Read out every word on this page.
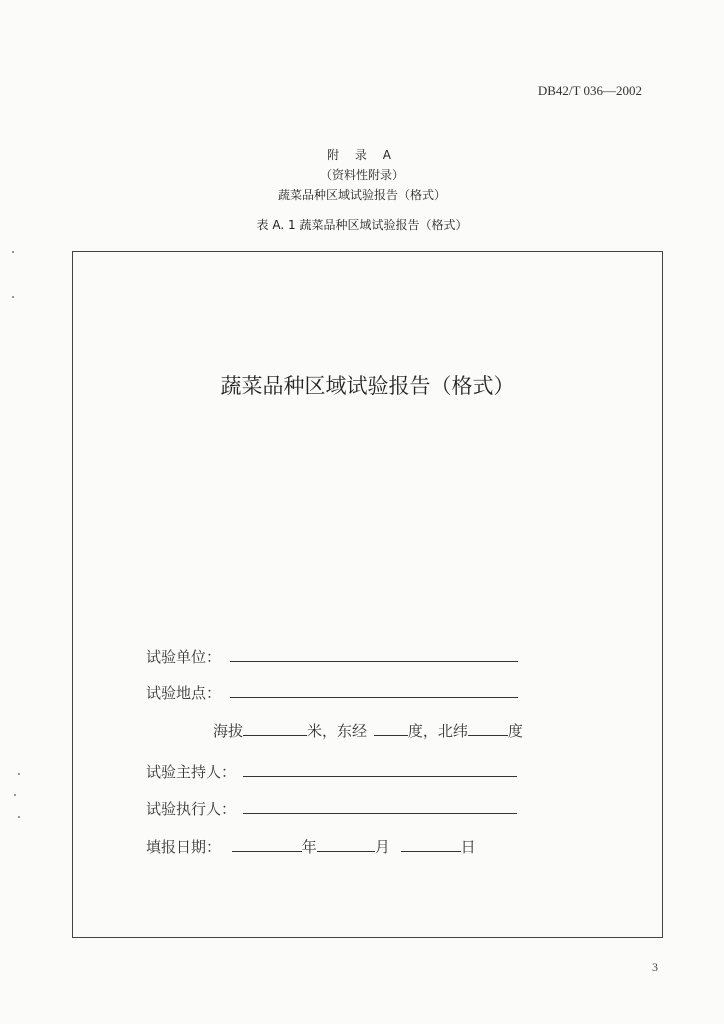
DB42/T 036—2002
附 录 A
（资料性附录）
蔬菜品种区域试验报告（格式）
表 A. 1 蔬菜品种区域试验报告（格式）
蔬菜品种区域试验报告（格式）
试验单位：
试验地点：
海拔	米，东经	度，北纬	度
试验主持人：
试验执行人：
填报日期：	年	月	日
3
